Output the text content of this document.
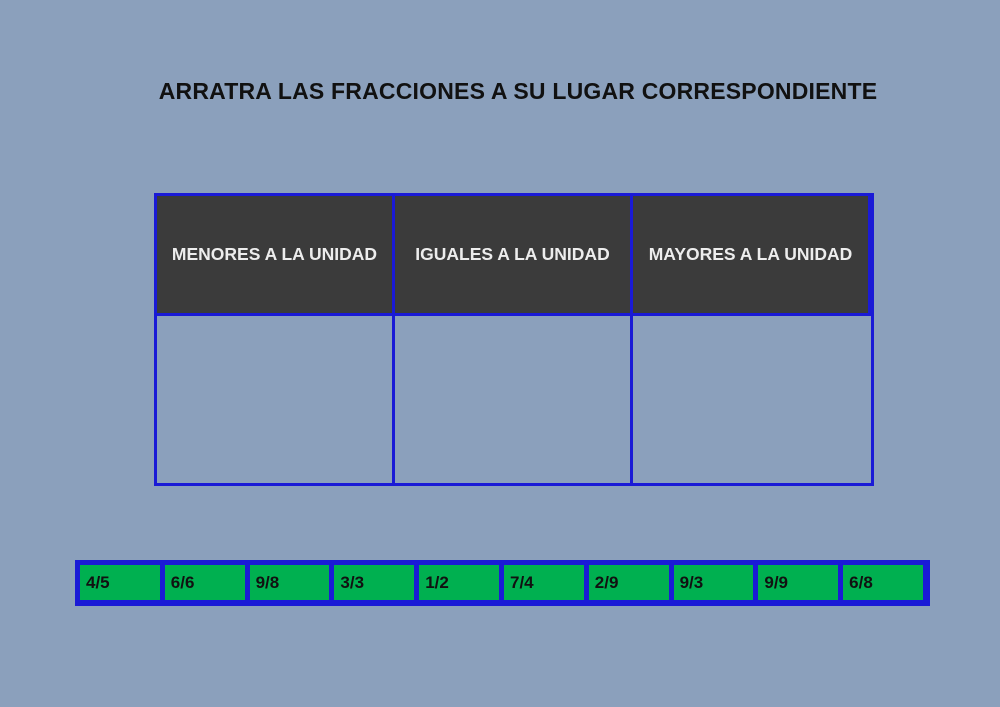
ARRATRA LAS FRACCIONES A SU LUGAR CORRESPONDIENTE
MENORES A LA UNIDAD	IGUALES A LA UNIDAD	MAYORES A LA UNIDAD
4/5	6/6	9/8	3/3	1/2	7/4	2/9	9/3	9/9	6/8
